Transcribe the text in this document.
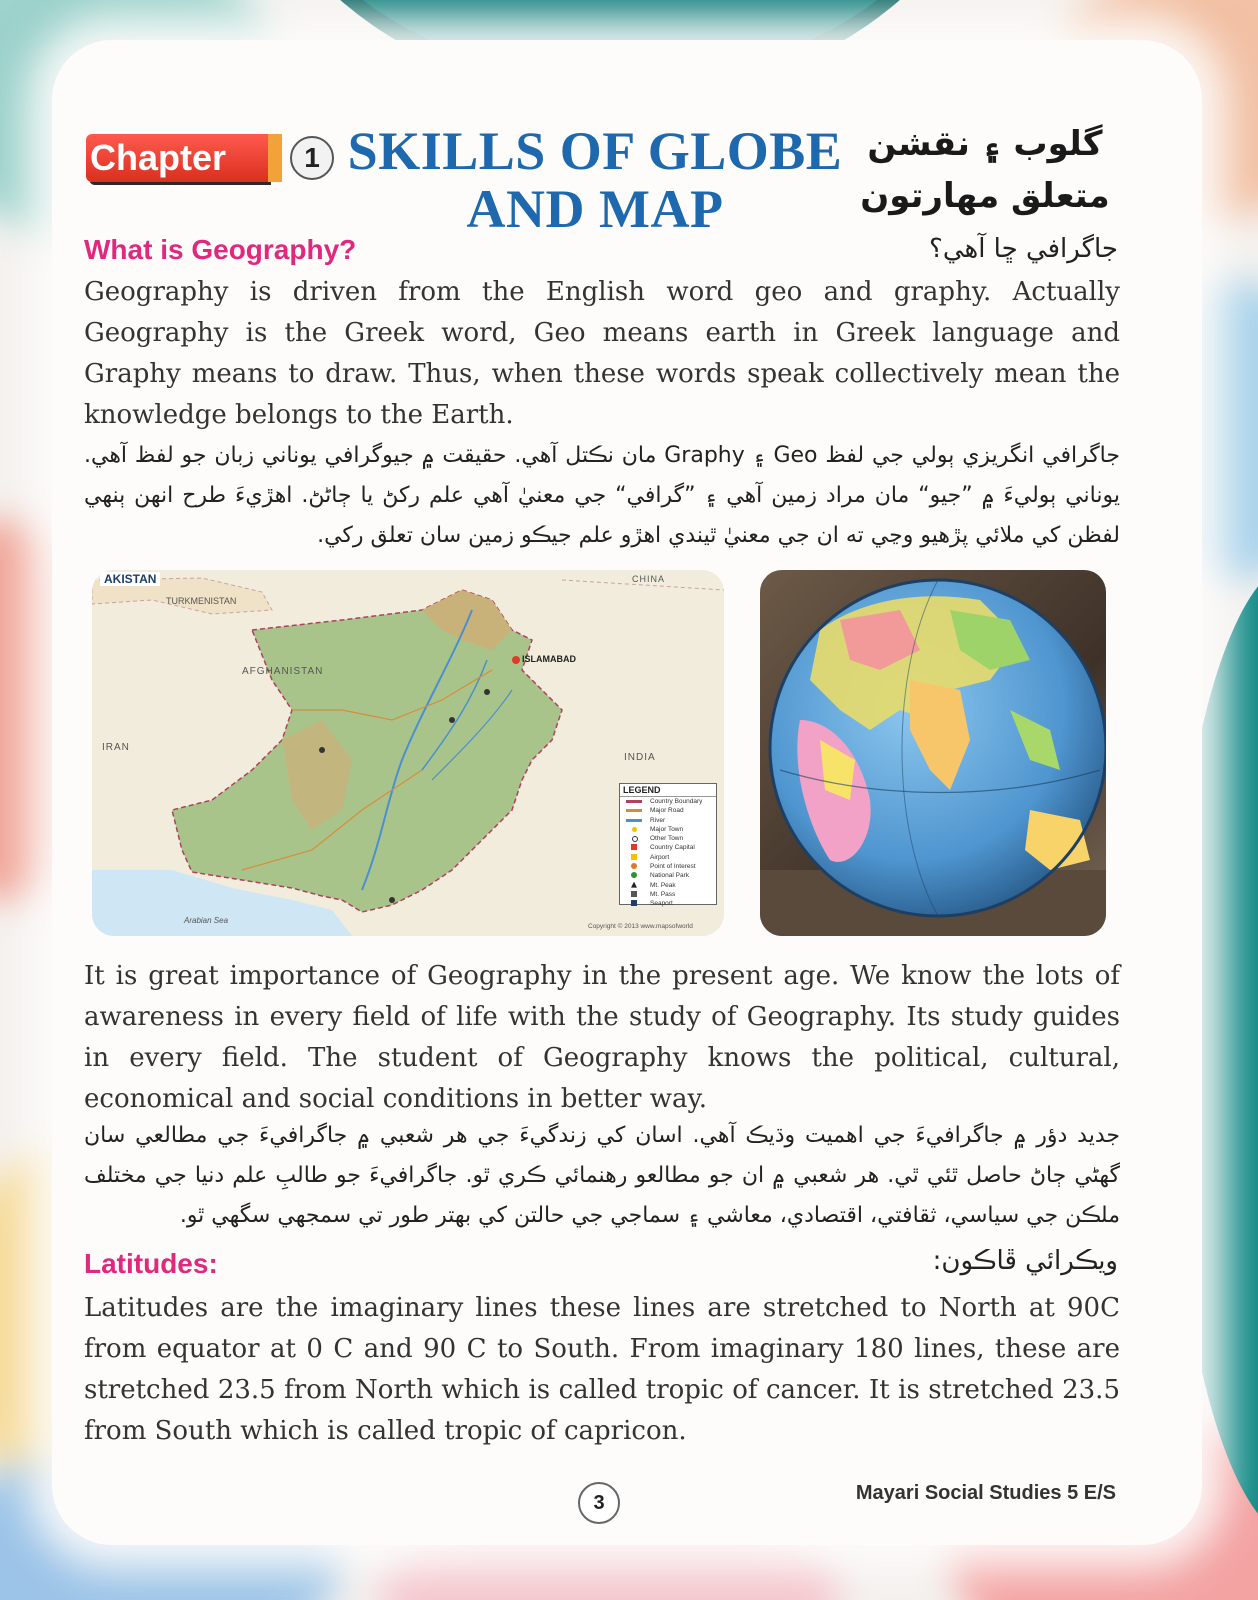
Chapter	1 SKILLS OF GLOBE AND MAP
گلوب ۽ نقشن متعلق مهارتون
What is Geography?	جاگرافي ڇا آهي؟
Geography is driven from the English word geo and graphy. Actually Geography is the Greek word, Geo means earth in Greek language and Graphy means to draw. Thus, when these words speak collectively mean the knowledge belongs to the Earth.
جاگرافي انگريزي ٻولي جي لفظ Geo ۽ Graphy مان نڪتل آهي. حقيقت ۾ جيوگرافي يوناني زبان جو لفظ آهي. يوناني ٻوليءَ ۾ ”جيو“ مان مراد زمين آهي ۽ ”گرافي“ جي معنيٰ آهي علم رکڻ يا ڄاڻڻ. اهڙيءَ طرح انهن ٻنهي لفظن کي ملائي پڙهيو وڃي ته ان جي معنيٰ ٿيندي اهڙو علم جيڪو زمين سان تعلق رکي.
AKISTAN
TURKMENISTAN
AFGHANISTAN
IRAN
INDIA
CHINA
ISLAMABAD
Arabian Sea
Copyright © 2013 www.mapsofworld
LEGEND
Country Boundary
Major Road
River
Major Town
Other Town
Country Capital
Airport
Point of Interest
National Park
Mt. Peak
Mt. Pass
Seaport
It is great importance of Geography in the present age. We know the lots of awareness in every field of life with the study of Geography. Its study guides in every field. The student of Geography knows the political, cultural, economical and social conditions in better way.
جديد دؤر ۾ جاگرافيءَ جي اهميت وڌيڪ آهي. اسان کي زندگيءَ جي هر شعبي ۾ جاگرافيءَ جي مطالعي سان گهڻي ڄاڻ حاصل ٿئي ٿي. هر شعبي ۾ ان جو مطالعو رهنمائي ڪري ٿو. جاگرافيءَ جو طالبِ علم دنيا جي مختلف ملڪن جي سياسي، ثقافتي، اقتصادي، معاشي ۽ سماجي جي حالتن کي بهتر طور تي سمجهي سگهي ٿو.
Latitudes:	ويڪرائي ڦاڪون:
Latitudes are the imaginary lines these lines are stretched to North at 90C from equator at 0 C and 90 C to South. From imaginary 180 lines, these are stretched 23.5 from North which is called tropic of cancer. It is stretched 23.5 from South which is called tropic of capricon.
3	Mayari Social Studies 5 E/S
